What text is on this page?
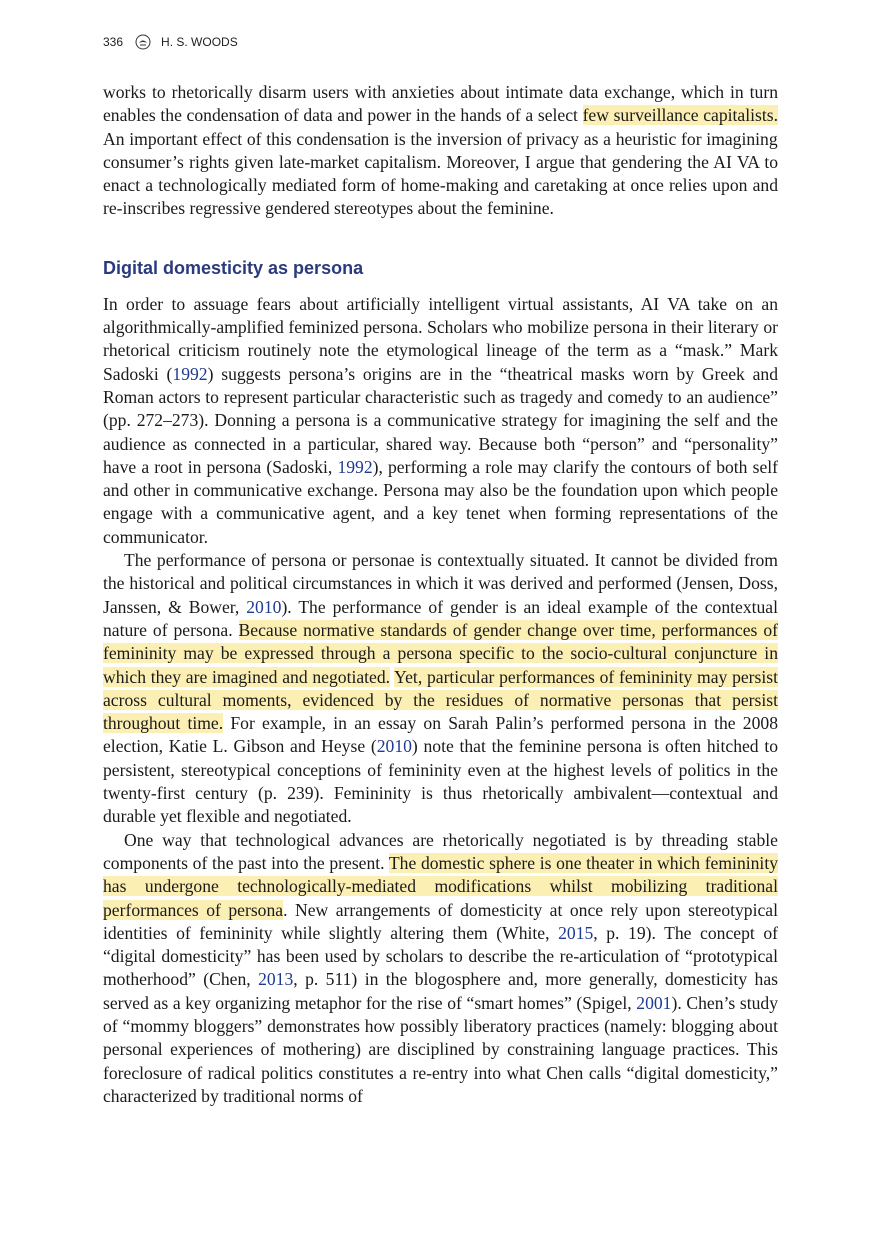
336	H. S. WOODS

works to rhetorically disarm users with anxieties about intimate data exchange, which in turn enables the condensation of data and power in the hands of a select few surveillance capitalists. An important effect of this condensation is the inversion of privacy as a heuristic for imagining consumer’s rights given late-market capitalism. Moreover, I argue that gendering the AI VA to enact a technologically mediated form of home-making and caretaking at once relies upon and re-inscribes regressive gendered stereotypes about the feminine.

Digital domesticity as persona

In order to assuage fears about artificially intelligent virtual assistants, AI VA take on an algorithmically-amplified feminized persona. Scholars who mobilize persona in their literary or rhetorical criticism routinely note the etymological lineage of the term as a “mask.” Mark Sadoski (1992) suggests persona’s origins are in the “theatrical masks worn by Greek and Roman actors to represent particular characteristic such as tragedy and comedy to an audience” (pp. 272–273). Donning a persona is a communicative strategy for imagining the self and the audience as connected in a particular, shared way. Because both “person” and “personality” have a root in persona (Sadoski, 1992), performing a role may clarify the contours of both self and other in communicative exchange. Persona may also be the foundation upon which people engage with a communicative agent, and a key tenet when forming representations of the communicator.

The performance of persona or personae is contextually situated. It cannot be divided from the historical and political circumstances in which it was derived and performed (Jensen, Doss, Janssen, & Bower, 2010). The performance of gender is an ideal example of the contextual nature of persona. Because normative standards of gender change over time, performances of femininity may be expressed through a persona specific to the socio-cultural conjuncture in which they are imagined and negotiated. Yet, particular performances of femininity may persist across cultural moments, evidenced by the residues of normative personas that persist throughout time. For example, in an essay on Sarah Palin’s performed persona in the 2008 election, Katie L. Gibson and Heyse (2010) note that the feminine persona is often hitched to persistent, stereotypical conceptions of femininity even at the highest levels of politics in the twenty-first century (p. 239). Femininity is thus rhetorically ambivalent—contextual and durable yet flexible and negotiated.

One way that technological advances are rhetorically negotiated is by threading stable components of the past into the present. The domestic sphere is one theater in which femininity has undergone technologically-mediated modifications whilst mobilizing traditional performances of persona. New arrangements of domesticity at once rely upon stereotypical identities of femininity while slightly altering them (White, 2015, p. 19). The concept of “digital domesticity” has been used by scholars to describe the re-articulation of “prototypical motherhood” (Chen, 2013, p. 511) in the blogosphere and, more generally, domesticity has served as a key organizing metaphor for the rise of “smart homes” (Spigel, 2001). Chen’s study of “mommy bloggers” demonstrates how possibly liberatory practices (namely: blogging about personal experiences of mothering) are disciplined by constraining language practices. This foreclosure of radical politics constitutes a re-entry into what Chen calls “digital domesticity,” characterized by traditional norms of
